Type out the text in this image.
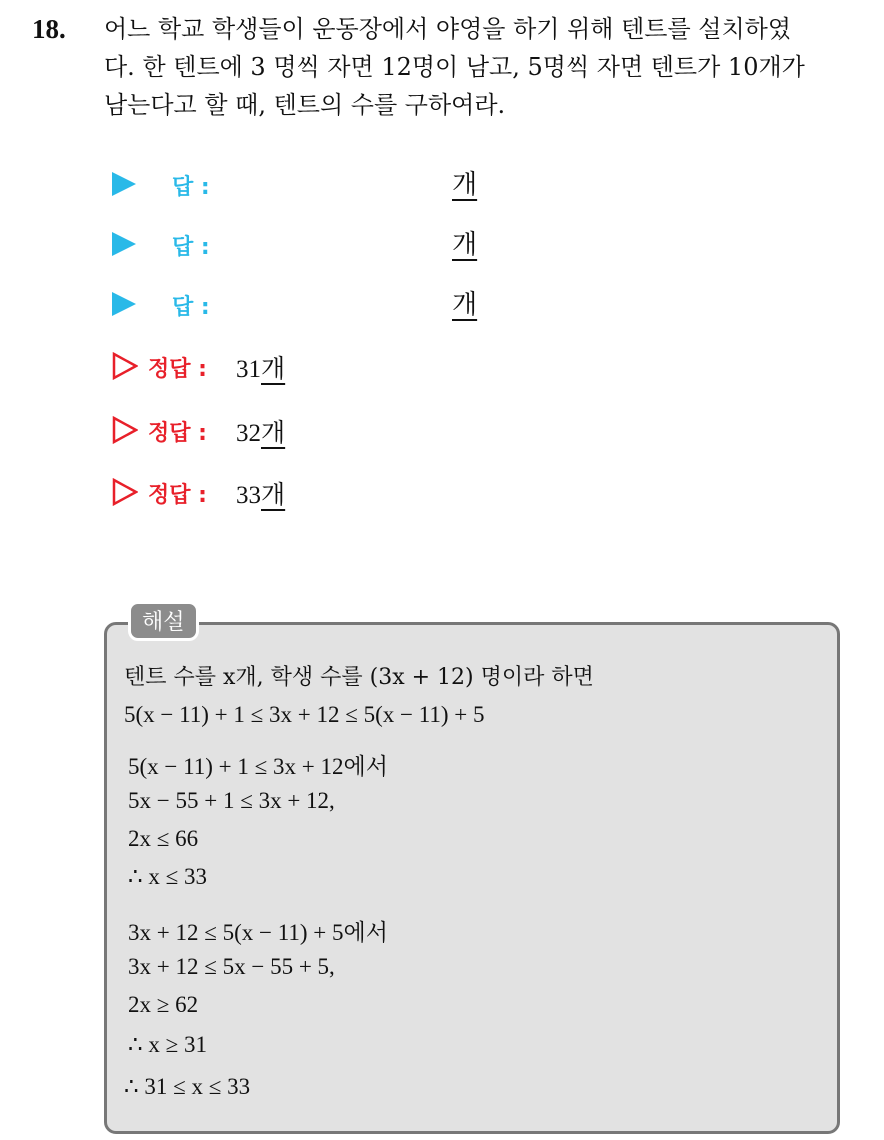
18. 어느 학교 학생들이 운동장에서 야영을 하기 위해 텐트를 설치하였
다. 한 텐트에 3 명씩 자면 12명이 남고, 5명씩 자면 텐트가 10개가
남는다고 할 때, 텐트의 수를 구하여라.
답 :	개
답 :	개
답 :	개
정답 : 31개
정답 : 32개
정답 : 33개
해설
텐트 수를 x개, 학생 수를 (3x + 12) 명이라 하면
5(x − 11) + 1 ≤ 3x + 12 ≤ 5(x − 11) + 5
5(x − 11) + 1 ≤ 3x + 12에서
5x − 55 + 1 ≤ 3x + 12,
2x ≤ 66
∴ x ≤ 33
3x + 12 ≤ 5(x − 11) + 5에서
3x + 12 ≤ 5x − 55 + 5,
2x ≥ 62
∴ x ≥ 31
∴ 31 ≤ x ≤ 33
